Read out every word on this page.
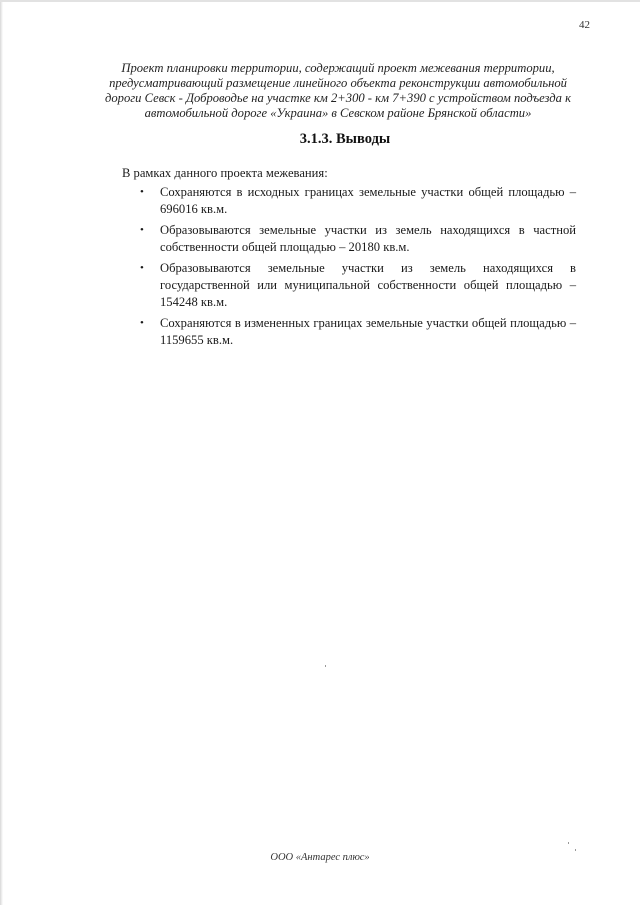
42
Проект планировки территории, содержащий проект межевания территории,
предусматривающий размещение линейного объекта реконструкции автомобильной
дороги Севск - Доброводье на участке км 2+300 - км 7+390 с устройством подъезда к
автомобильной дороге «Украина» в Севском районе Брянской области»
3.1.3. Выводы
В рамках данного проекта межевания:
• Сохраняются в исходных границах земельные участки общей площадью –
696016 кв.м.
• Образовываются земельные участки из земель находящихся в частной
собственности общей площадью – 20180 кв.м.
• Образовываются земельные участки из земель находящихся в
государственной или муниципальной собственности общей площадью –
154248 кв.м.
• Сохраняются в измененных границах земельные участки общей площадью –
1159655 кв.м.
ООО «Антарес плюс»
